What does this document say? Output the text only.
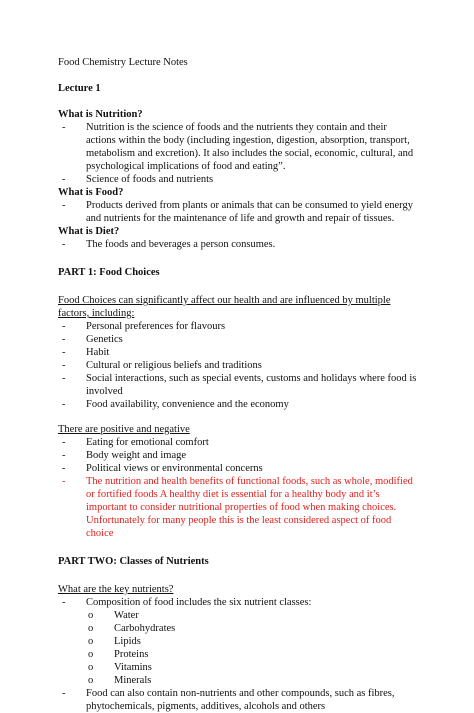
Food Chemistry Lecture Notes

Lecture 1

What is Nutrition?

- Nutrition is the science of foods and the nutrients they contain and their actions within the body (including ingestion, digestion, absorption, transport, metabolism and excretion). It also includes the social, economic, cultural, and psychological implications of food and eating”.
- Science of foods and nutrients

What is Food?

- Products derived from plants or animals that can be consumed to yield energy and nutrients for the maintenance of life and growth and repair of tissues.

What is Diet?

- The foods and beverages a person consumes.

PART 1: Food Choices

Food Choices can significantly affect our health and are influenced by multiple factors, including:

- Personal preferences for flavours
- Genetics
- Habit
- Cultural or religious beliefs and traditions
- Social interactions, such as special events, customs and holidays where food is involved
- Food availability, convenience and the economy

There are positive and negative

- Eating for emotional comfort
- Body weight and image
- Political views or environmental concerns
- The nutrition and health benefits of functional foods, such as whole, modified or fortified foods A healthy diet is essential for a healthy body and it’s important to consider nutritional properties of food when making choices. Unfortunately for many people this is the least considered aspect of food choice

PART TWO: Classes of Nutrients

What are the key nutrients?

- Composition of food includes the six nutrient classes:
o Water
o Carbohydrates
o Lipids
o Proteins
o Vitamins
o Minerals
- Food can also contain non-nutrients and other compounds, such as fibres, phytochemicals, pigments, additives, alcohols and others
